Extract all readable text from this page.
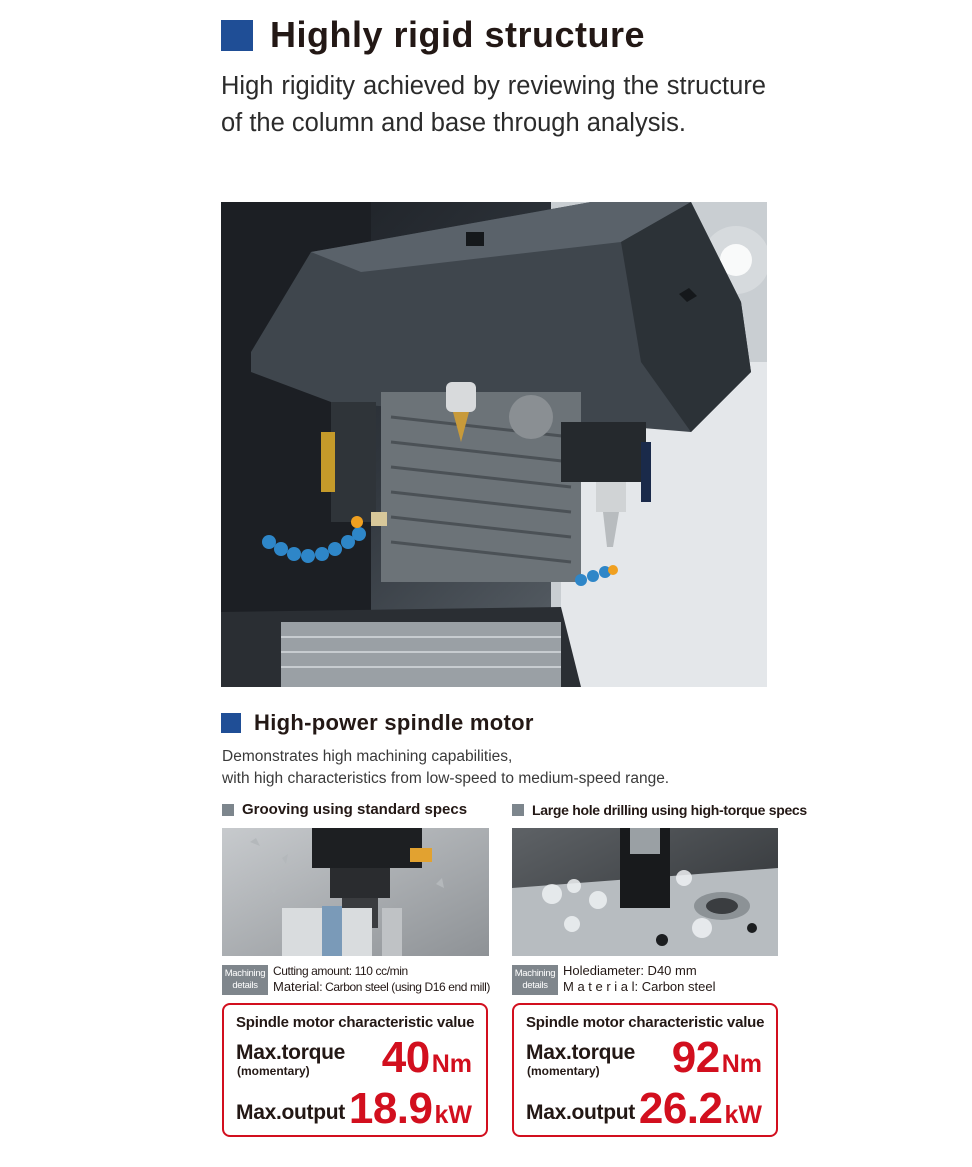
Highly rigid structure
High rigidity achieved by reviewing the structure of the column and base through analysis.
High-power spindle motor
Demonstrates high machining capabilities,
with high characteristics from low-speed to medium-speed range.
Grooving using standard specs
Machining
details
Cutting amount: 110 cc/min
Material: Carbon steel (using D16 end mill)
Spindle motor characteristic value
Max.torque
(momentary) 40Nm
Max.output 18.9kW
Large hole drilling using high-torque specs
Machining
details
Holediameter: D40 mm
M a t e r i a l: Carbon steel
Spindle motor characteristic value
Max.torque
(momentary) 92Nm
Max.output 26.2kW
